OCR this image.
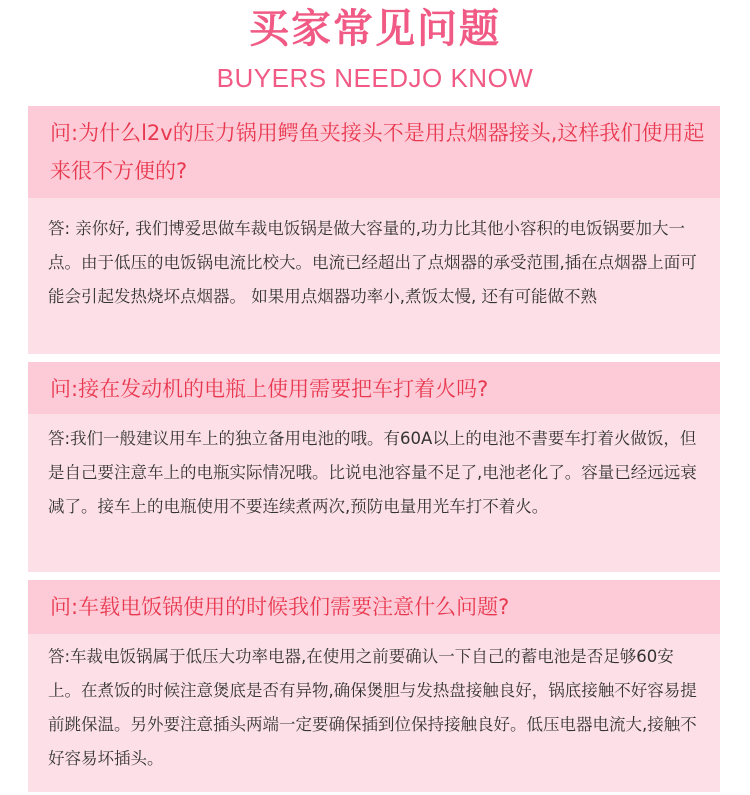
买家常见问题
BUYERS NEEDJO KNOW
问:为什么l2v的压力锅用鳄鱼夹接头不是用点烟器接头,这样我们使用起来很不方便的?
答: 亲你好, 我们博爱思做车裁电饭锅是做大容量的,功力比其他小容积的电饭锅要加大一点。由于低压的电饭锅电流比校大。电流已经超出了点烟器的承受范围,插在点烟器上面可能会引起发热烧坏点烟器。 如果用点烟器功率小,煮饭太慢, 还有可能做不熟
问:接在发动机的电瓶上使用需要把车打着火吗?
答:我们一般建议用车上的独立备用电池的哦。有60A以上的电池不書要车打着火做饭，但是自己要注意车上的电瓶实际情况哦。比说电池容量不足了,电池老化了。容量已经远远衰减了。接车上的电瓶使用不要连续煮两次,预防电量用光车打不着火。
问:车载电饭锅使用的时候我们需要注意什么问题?
答:车裁电饭锅属于低压大功率电器,在使用之前要确认一下自己的蓄电池是否足够60安上。在煮饭的时候注意煲底是否有异物,确保煲胆与发热盘接触良好，锅底接触不好容易提前跳保温。另外要注意插头两端一定要确保插到位保持接触良好。低压电器电流大,接触不好容易坏插头。
